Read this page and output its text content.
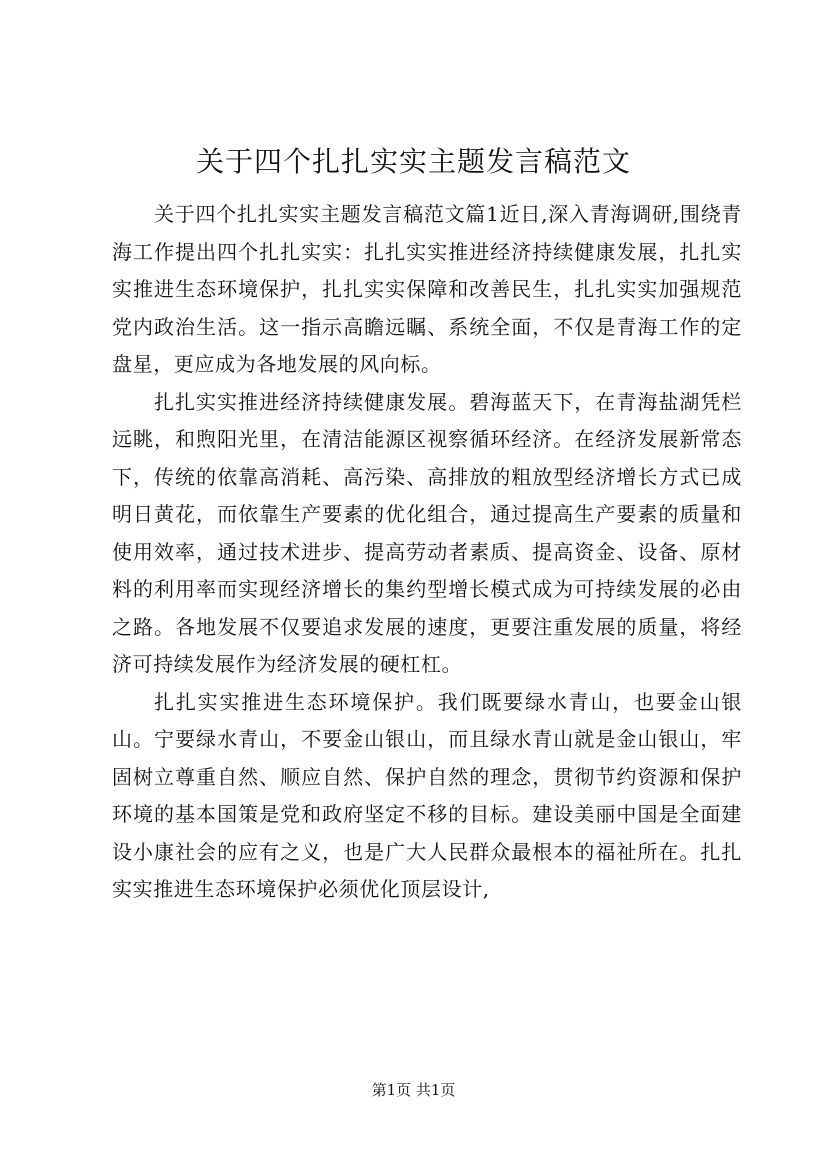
关于四个扎扎实实主题发言稿范文

关于四个扎扎实实主题发言稿范文篇1近日,深入青海调研,围绕青海工作提出四个扎扎实实：扎扎实实推进经济持续健康发展，扎扎实实推进生态环境保护，扎扎实实保障和改善民生，扎扎实实加强规范党内政治生活。这一指示高瞻远瞩、系统全面，不仅是青海工作的定盘星，更应成为各地发展的风向标。

扎扎实实推进经济持续健康发展。碧海蓝天下，在青海盐湖凭栏远眺，和煦阳光里，在清洁能源区视察循环经济。在经济发展新常态下，传统的依靠高消耗、高污染、高排放的粗放型经济增长方式已成明日黄花，而依靠生产要素的优化组合，通过提高生产要素的质量和使用效率，通过技术进步、提高劳动者素质、提高资金、设备、原材料的利用率而实现经济增长的集约型增长模式成为可持续发展的必由之路。各地发展不仅要追求发展的速度，更要注重发展的质量，将经济可持续发展作为经济发展的硬杠杠。

扎扎实实推进生态环境保护。我们既要绿水青山，也要金山银山。宁要绿水青山，不要金山银山，而且绿水青山就是金山银山，牢固树立尊重自然、顺应自然、保护自然的理念，贯彻节约资源和保护环境的基本国策是党和政府坚定不移的目标。建设美丽中国是全面建设小康社会的应有之义，也是广大人民群众最根本的福祉所在。扎扎实实推进生态环境保护必须优化顶层设计,

第1页 共1页
